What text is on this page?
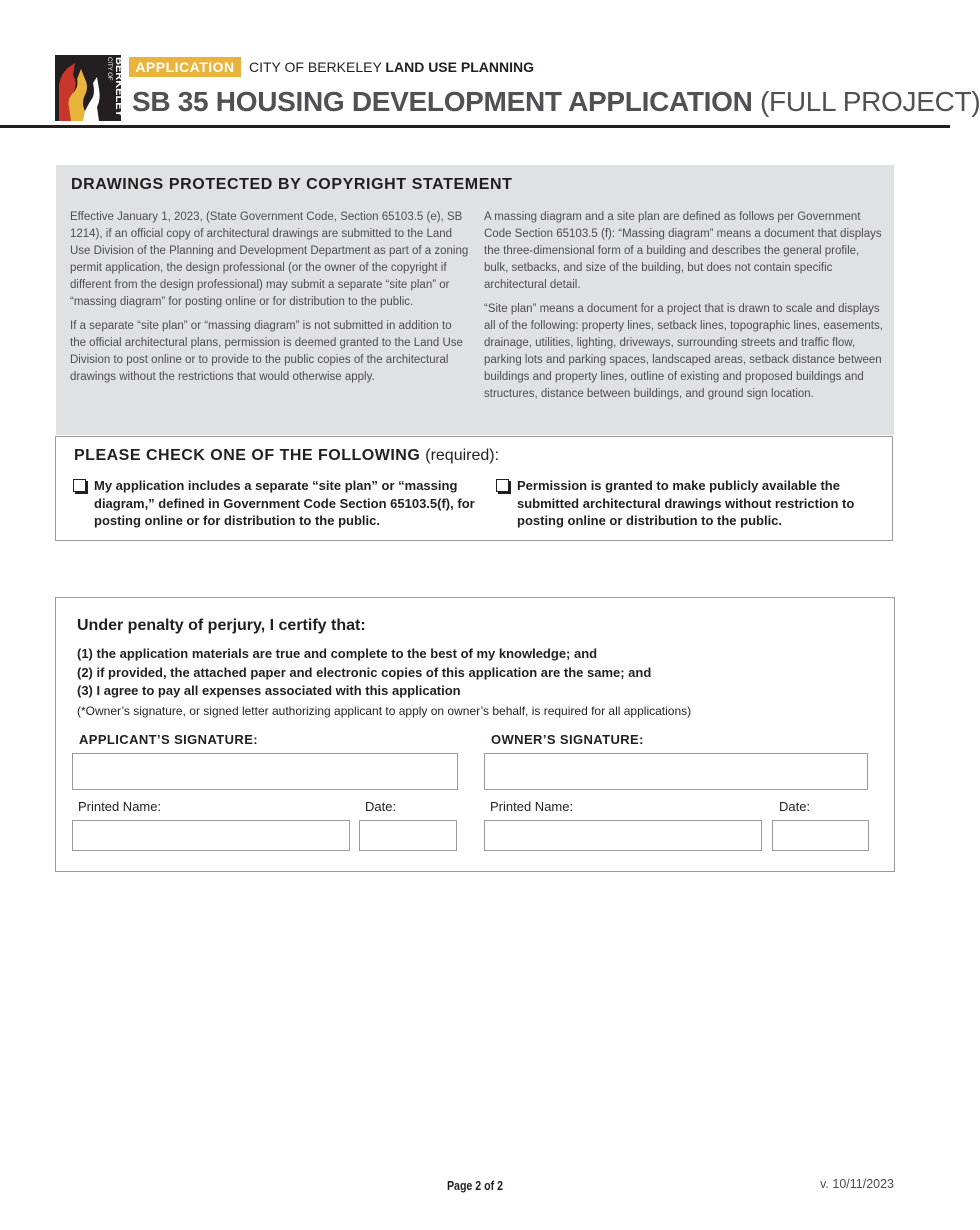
CITY OF BERKELEY APPLICATION	CITY OF BERKELEY LAND USE PLANNING
SB 35 HOUSING DEVELOPMENT APPLICATION (FULL PROJECT)
DRAWINGS PROTECTED BY COPYRIGHT STATEMENT

Effective January 1, 2023, (State Government Code, Section 65103.5 (e), SB 1214), if an official copy of architectural drawings are submitted to the Land Use Division of the Planning and Development Department as part of a zoning permit application, the design professional (or the owner of the copyright if different from the design professional) may submit a separate “site plan” or “massing diagram” for posting online or for distribution to the public.

If a separate “site plan” or “massing diagram” is not submitted in addition to the official architectural plans, permission is deemed granted to the Land Use Division to post online or to provide to the public copies of the architectural drawings without the restrictions that would otherwise apply.

A massing diagram and a site plan are defined as follows per Government Code Section 65103.5 (f): “Massing diagram” means a document that displays the three-dimensional form of a building and describes the general profile, bulk, setbacks, and size of the building, but does not contain specific architectural detail.

“Site plan” means a document for a project that is drawn to scale and displays all of the following: property lines, setback lines, topographic lines, easements, drainage, utilities, lighting, driveways, surrounding streets and traffic flow, parking lots and parking spaces, landscaped areas, setback distance between buildings and property lines, outline of existing and proposed buildings and structures, distance between buildings, and ground sign location.

PLEASE CHECK ONE OF THE FOLLOWING (required):
My application includes a separate “site plan” or “massing diagram,” defined in Government Code Section 65103.5(f), for posting online or for distribution to the public.
Permission is granted to make publicly available the submitted architectural drawings without restriction to posting online or distribution to the public.
Under penalty of perjury, I certify that:
(1) the application materials are true and complete to the best of my knowledge; and
(2) if provided, the attached paper and electronic copies of this application are the same; and
(3) I agree to pay all expenses associated with this application
(*Owner’s signature, or signed letter authorizing applicant to apply on owner’s behalf, is required for all applications)
APPLICANT’S SIGNATURE:	OWNER’S SIGNATURE:
Printed Name:	Date:	Printed Name:	Date:
Page 2 of 2	v. 10/11/2023
